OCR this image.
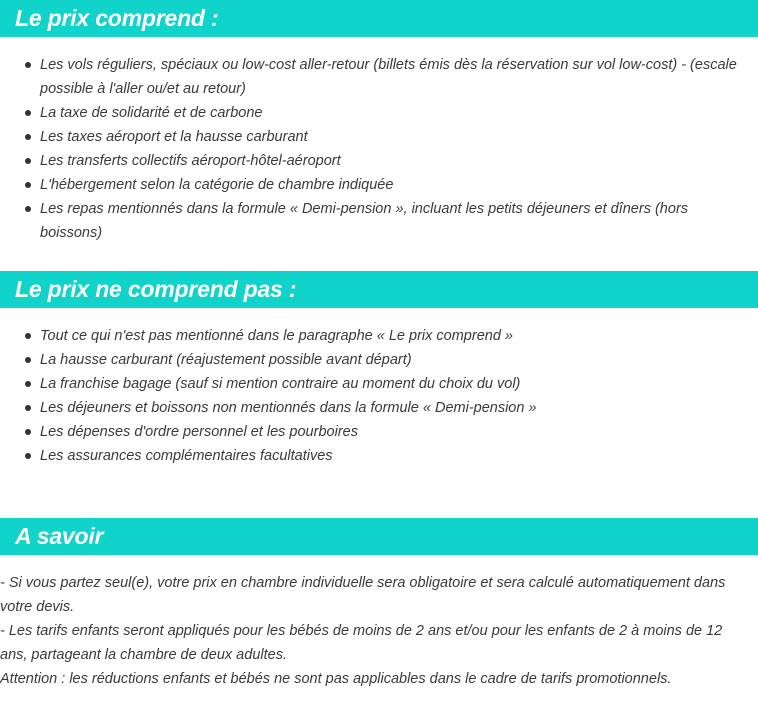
Le prix comprend :
Les vols réguliers, spéciaux ou low-cost aller-retour (billets émis dès la réservation sur vol low-cost) - (escale possible à l'aller ou/et au retour)
La taxe de solidarité et de carbone
Les taxes aéroport et la hausse carburant
Les transferts collectifs aéroport-hôtel-aéroport
L'hébergement selon la catégorie de chambre indiquée
Les repas mentionnés dans la formule « Demi-pension », incluant les petits déjeuners et dîners (hors boissons)
Le prix ne comprend pas :
Tout ce qui n'est pas mentionné dans le paragraphe « Le prix comprend »
La hausse carburant (réajustement possible avant départ)
La franchise bagage (sauf si mention contraire au moment du choix du vol)
Les déjeuners et boissons non mentionnés dans la formule « Demi-pension »
Les dépenses d'ordre personnel et les pourboires
Les assurances complémentaires facultatives
A savoir
- Si vous partez seul(e), votre prix en chambre individuelle sera obligatoire et sera calculé automatiquement dans votre devis.
- Les tarifs enfants seront appliqués pour les bébés de moins de 2 ans et/ou pour les enfants de 2 à moins de 12 ans, partageant la chambre de deux adultes.
Attention : les réductions enfants et bébés ne sont pas applicables dans le cadre de tarifs promotionnels.
